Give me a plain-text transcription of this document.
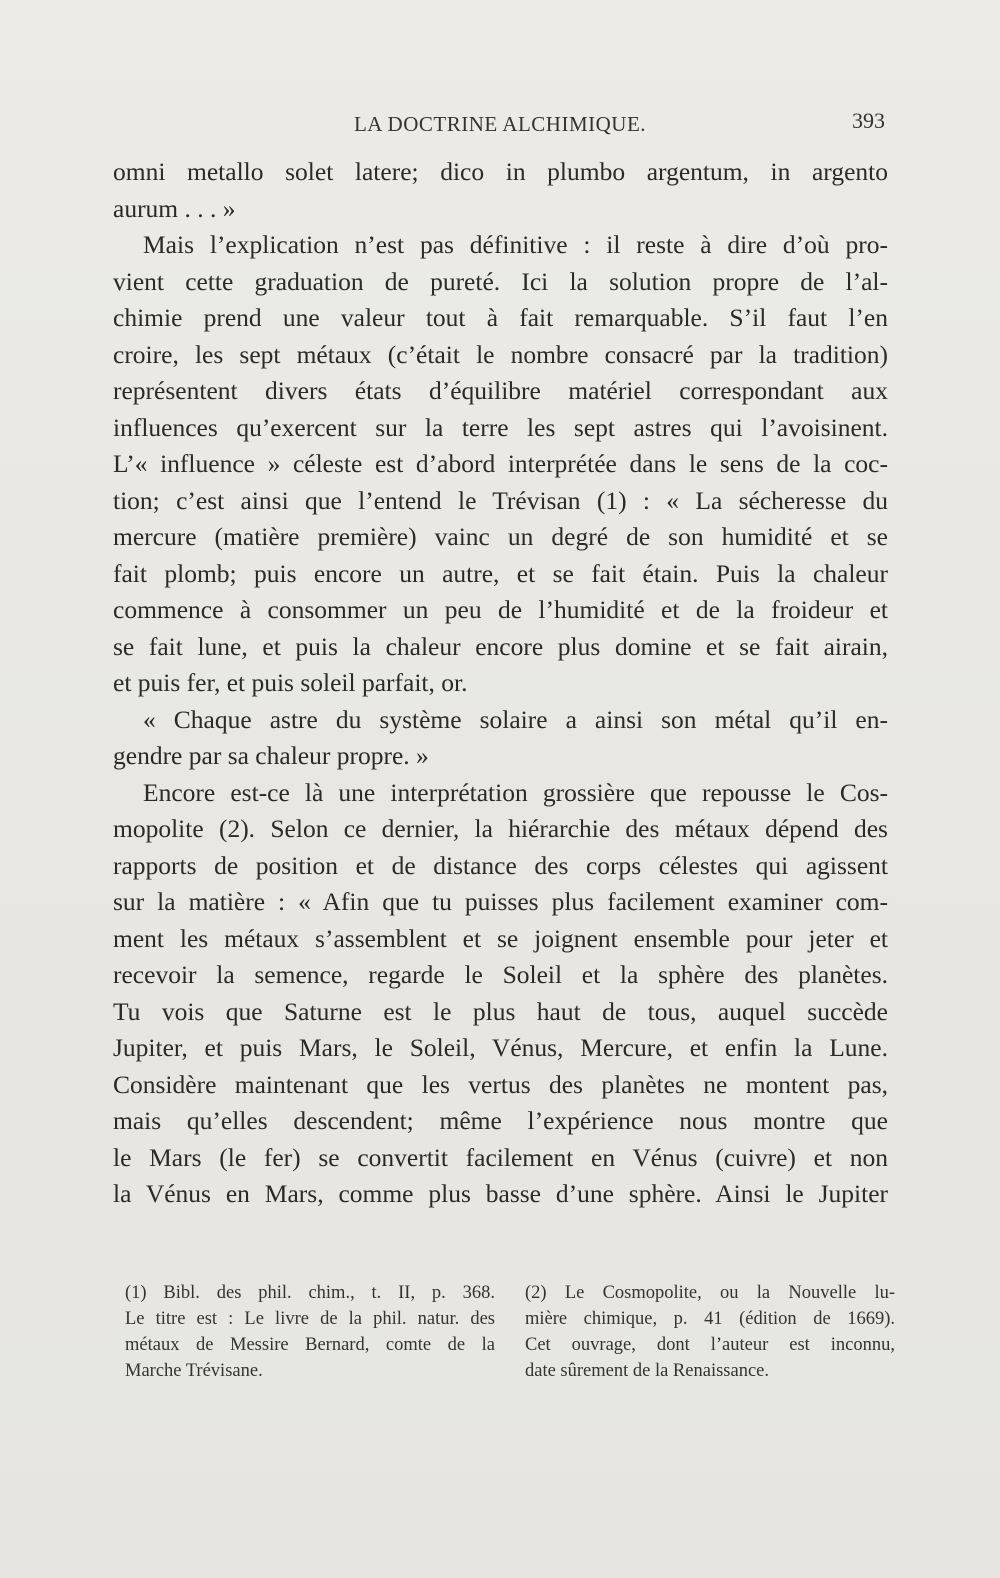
LA DOCTRINE ALCHIMIQUE.	393
omni metallo solet latere; dico in plumbo argentum, in argento
aurum . . . »
Mais l’explication n’est pas définitive : il reste à dire d’où pro-
vient cette graduation de pureté. Ici la solution propre de l’al-
chimie prend une valeur tout à fait remarquable. S’il faut l’en
croire, les sept métaux (c’était le nombre consacré par la tradition)
représentent divers états d’équilibre matériel correspondant aux
influences qu’exercent sur la terre les sept astres qui l’avoisinent.
L’« influence » céleste est d’abord interprétée dans le sens de la coc-
tion; c’est ainsi que l’entend le Trévisan (1) : « La sécheresse du
mercure (matière première) vainc un degré de son humidité et se
fait plomb; puis encore un autre, et se fait étain. Puis la chaleur
commence à consommer un peu de l’humidité et de la froideur et
se fait lune, et puis la chaleur encore plus domine et se fait airain,
et puis fer, et puis soleil parfait, or.
« Chaque astre du système solaire a ainsi son métal qu’il en-
gendre par sa chaleur propre. »
Encore est-ce là une interprétation grossière que repousse le Cos-
mopolite (2). Selon ce dernier, la hiérarchie des métaux dépend des
rapports de position et de distance des corps célestes qui agissent
sur la matière : « Afin que tu puisses plus facilement examiner com-
ment les métaux s’assemblent et se joignent ensemble pour jeter et
recevoir la semence, regarde le Soleil et la sphère des planètes.
Tu vois que Saturne est le plus haut de tous, auquel succède
Jupiter, et puis Mars, le Soleil, Vénus, Mercure, et enfin la Lune.
Considère maintenant que les vertus des planètes ne montent pas,
mais qu’elles descendent; même l’expérience nous montre que
le Mars (le fer) se convertit facilement en Vénus (cuivre) et non
la Vénus en Mars, comme plus basse d’une sphère. Ainsi le Jupiter
(1) Bibl. des phil. chim., t. II, p. 368.
Le titre est : Le livre de la phil. natur. des
métaux de Messire Bernard, comte de la
Marche Trévisane.
(2) Le Cosmopolite, ou la Nouvelle lu-
mière chimique, p. 41 (édition de 1669).
Cet ouvrage, dont l’auteur est inconnu,
date sûrement de la Renaissance.
